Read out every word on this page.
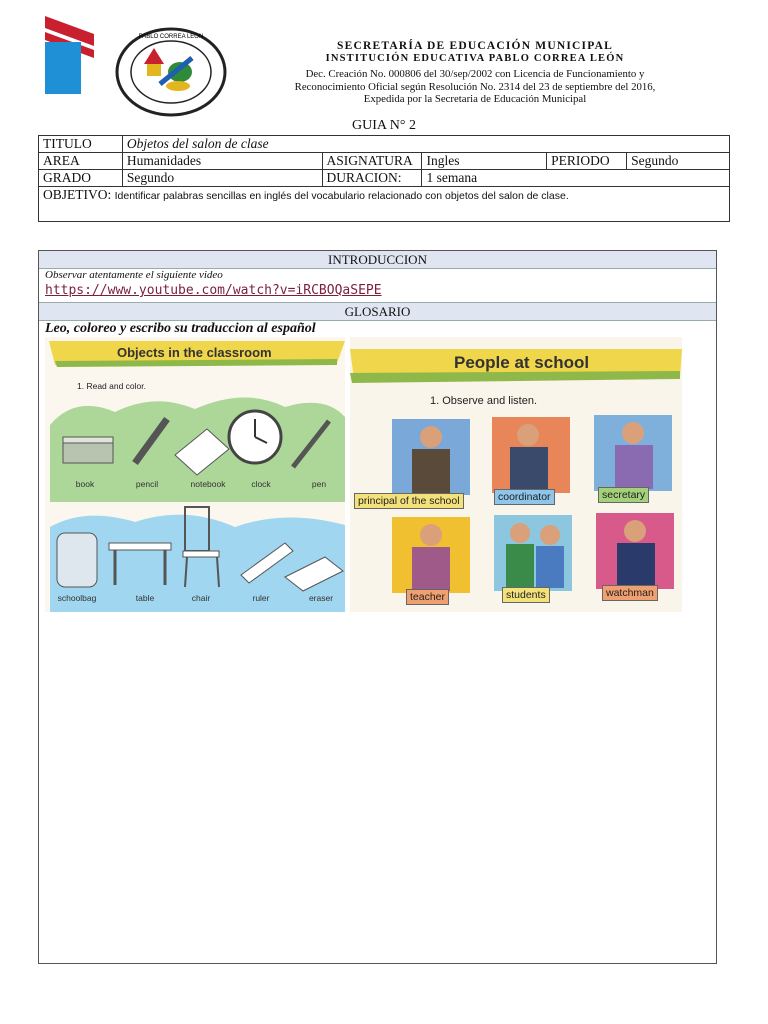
PABLO CORREA LEON
SECRETARÍA DE EDUCACIÓN MUNICIPAL
INSTITUCIÓN EDUCATIVA PABLO CORREA LEÓN
Dec. Creación No. 000806 del 30/sep/2002 con Licencia de Funcionamiento y
Reconocimiento Oficial según Resolución No. 2314 del 23 de septiembre del 2016,
Expedida por la Secretaria de Educación Municipal
GUIA N° 2
TITULO	Objetos del salon de clase				
AREA	Humanidades	ASIGNATURA	Ingles	PERIODO	Segundo
GRADO	Segundo	DURACION:	1 semana		
OBJETIVO: Identificar palabras sencillas en inglés del vocabulario relacionado con objetos del salon de clase.					
INTRODUCCION
Observar atentamente el siguiente video
https://www.youtube.com/watch?v=iRCBOQaSEPE
GLOSARIO
Leo, coloreo y escribo su traduccion al español
Objects in the classroom
1. Read and color.
book	pencil	notebook	clock	pen
schoolbag	table	chair	ruler	eraser
People at school
1. Observe and listen.
principal of the school	coordinator	secretary
teacher	students	watchman
